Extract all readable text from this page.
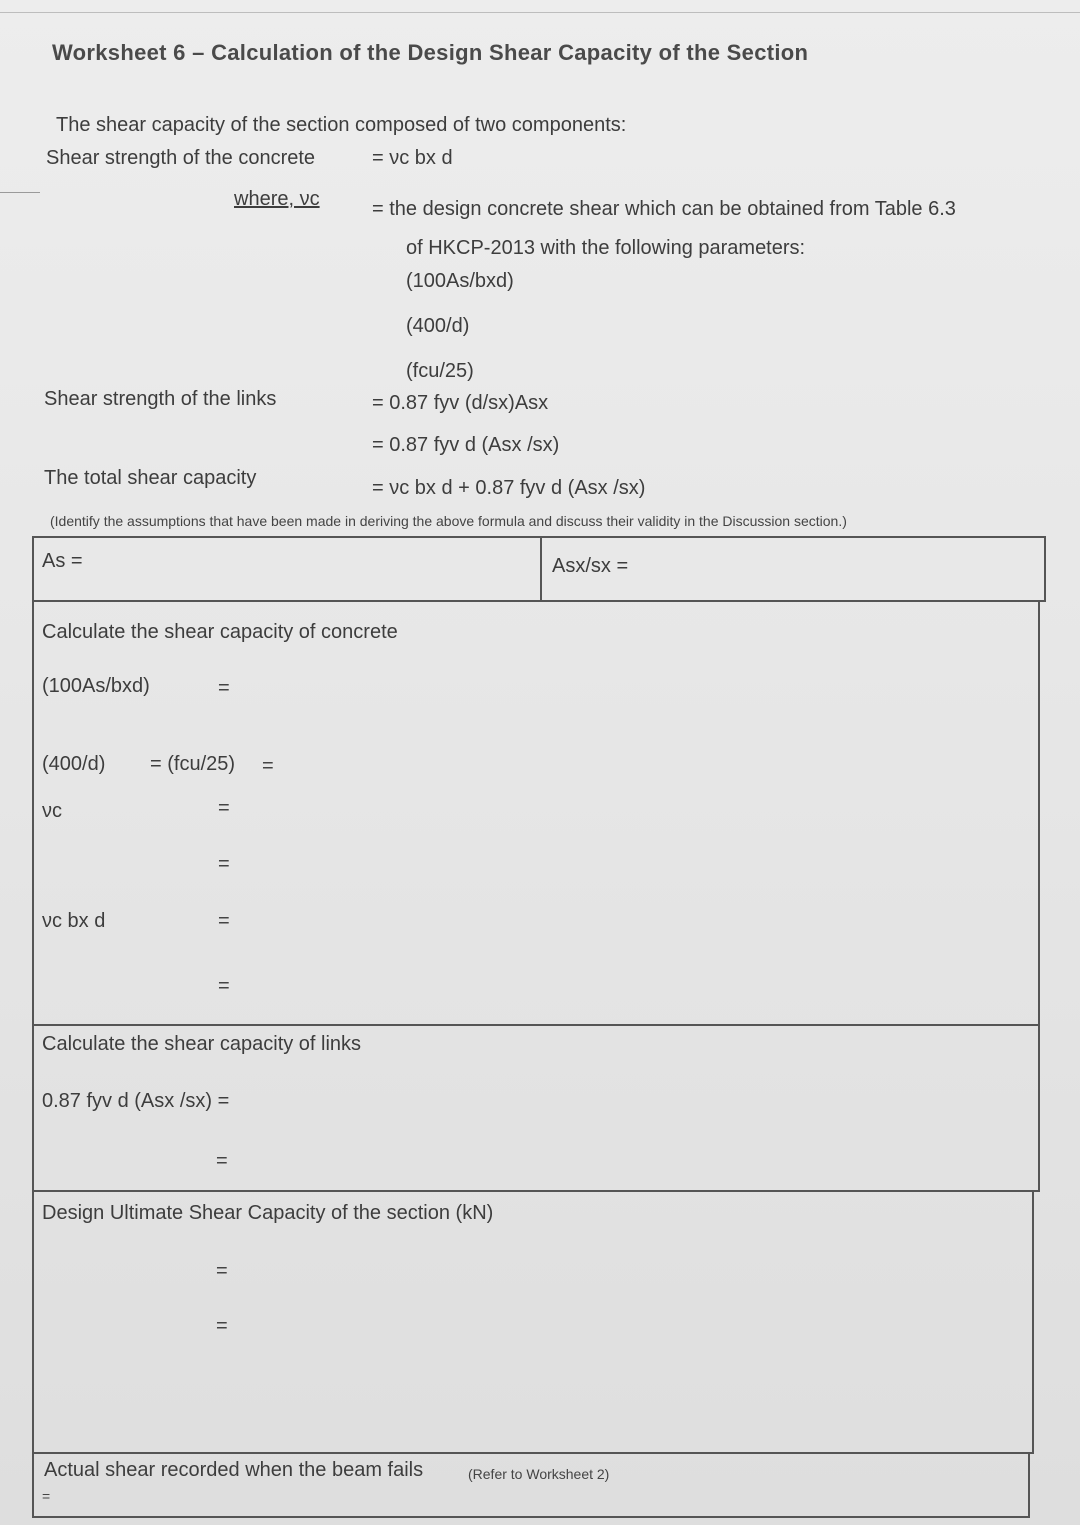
Worksheet 6 – Calculation of the Design Shear Capacity of the Section
The shear capacity of the section composed of two components:
Shear strength of the concrete	= νc bx d
where, νc	= the design concrete shear which can be obtained from Table 6.3
of HKCP-2013 with the following parameters:
(100As/bxd)
(400/d)
(fcu/25)
Shear strength of the links	= 0.87 fyv (d/sx)Asx
= 0.87 fyv d (Asx /sx)
The total shear capacity	= νc bx d + 0.87 fyv d (Asx /sx)
(Identify the assumptions that have been made in deriving the above formula and discuss their validity in the Discussion section.)
As =	Asx/sx =
Calculate the shear capacity of concrete
(100As/bxd)	=
(400/d) = (fcu/25) =
νc	=
=
νc bx d	=
=
Calculate the shear capacity of links
0.87 fyv d (Asx /sx) =
=
Design Ultimate Shear Capacity of the section (kN)
=
=
Actual shear recorded when the beam fails	(Refer to Worksheet 2)
=
